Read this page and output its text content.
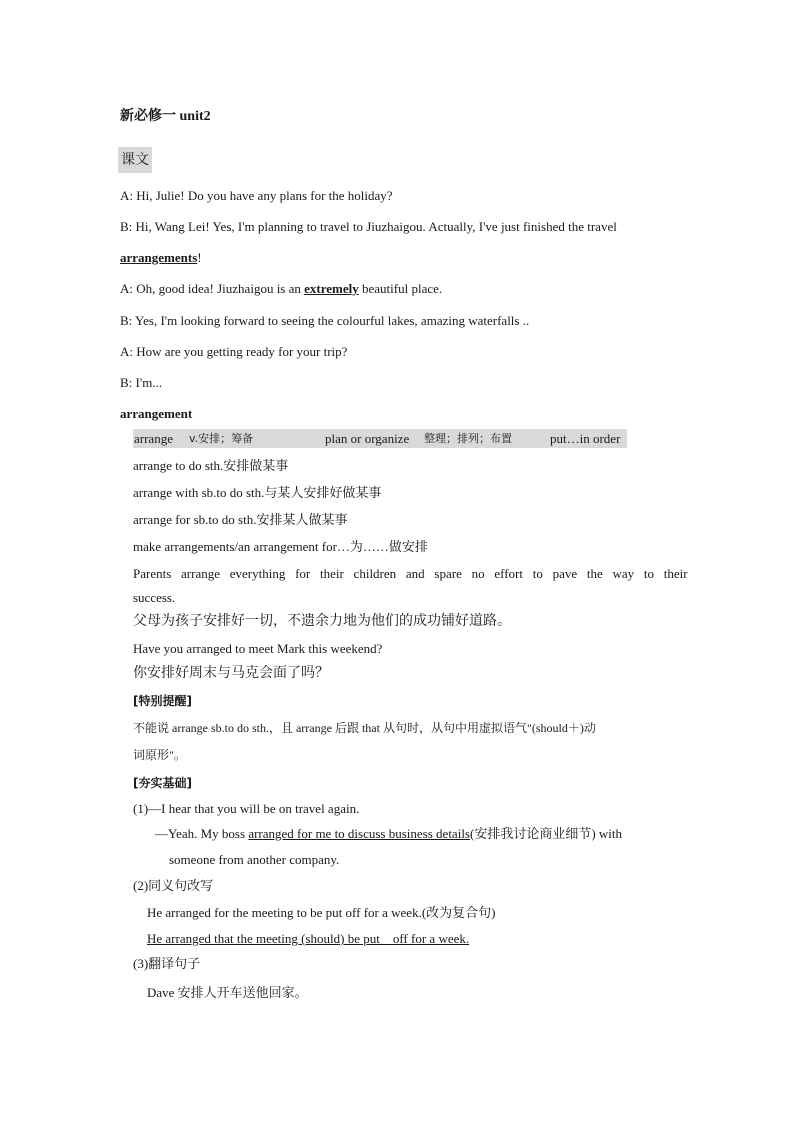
新必修一 unit2
课文
A: Hi, Julie! Do you have any plans for the holiday?
B: Hi, Wang Lei! Yes, I'm planning to travel to Jiuzhaigou. Actually, I've just finished the travel
arrangements!
A: Oh, good idea! Jiuzhaigou is an extremely beautiful place.
B: Yes, I'm looking forward to seeing the colourful lakes, amazing waterfalls ..
A: How are you getting ready for your trip?
B: I'm...
arrangement
arrange v.安排；筹备	plan or organize 整理；排列；布置	put…in order
arrange to do sth.安排做某事
arrange with sb.to do sth.与某人安排好做某事
arrange for sb.to do sth.安排某人做某事
make arrangements/an arrangement for…为……做安排
Parents   arrange   everything   for   their   children   and   spare   no   effort   to   pave   the   way   to   their
success.
父母为孩子安排好一切，不遗余力地为他们的成功铺好道路。
Have you arranged to meet Mark this weekend?
你安排好周末与马克会面了吗？
[特别提醒]
不能说 arrange sb.to do sth.，且 arrange 后跟 that 从句时，从句中用虚拟语气"(should＋)动
词原形"。
[夯实基础]
(1)—I hear that you will be on travel again.
—Yeah. My boss arranged for me to discuss business details(安排我讨论商业细节) with
someone from another company.
(2)同义句改写
He arranged for the meeting to be put off for a week.(改为复合句)
He arranged that the meeting (should) be put    off for a week.
(3)翻译句子
Dave 安排人开车送他回家。
